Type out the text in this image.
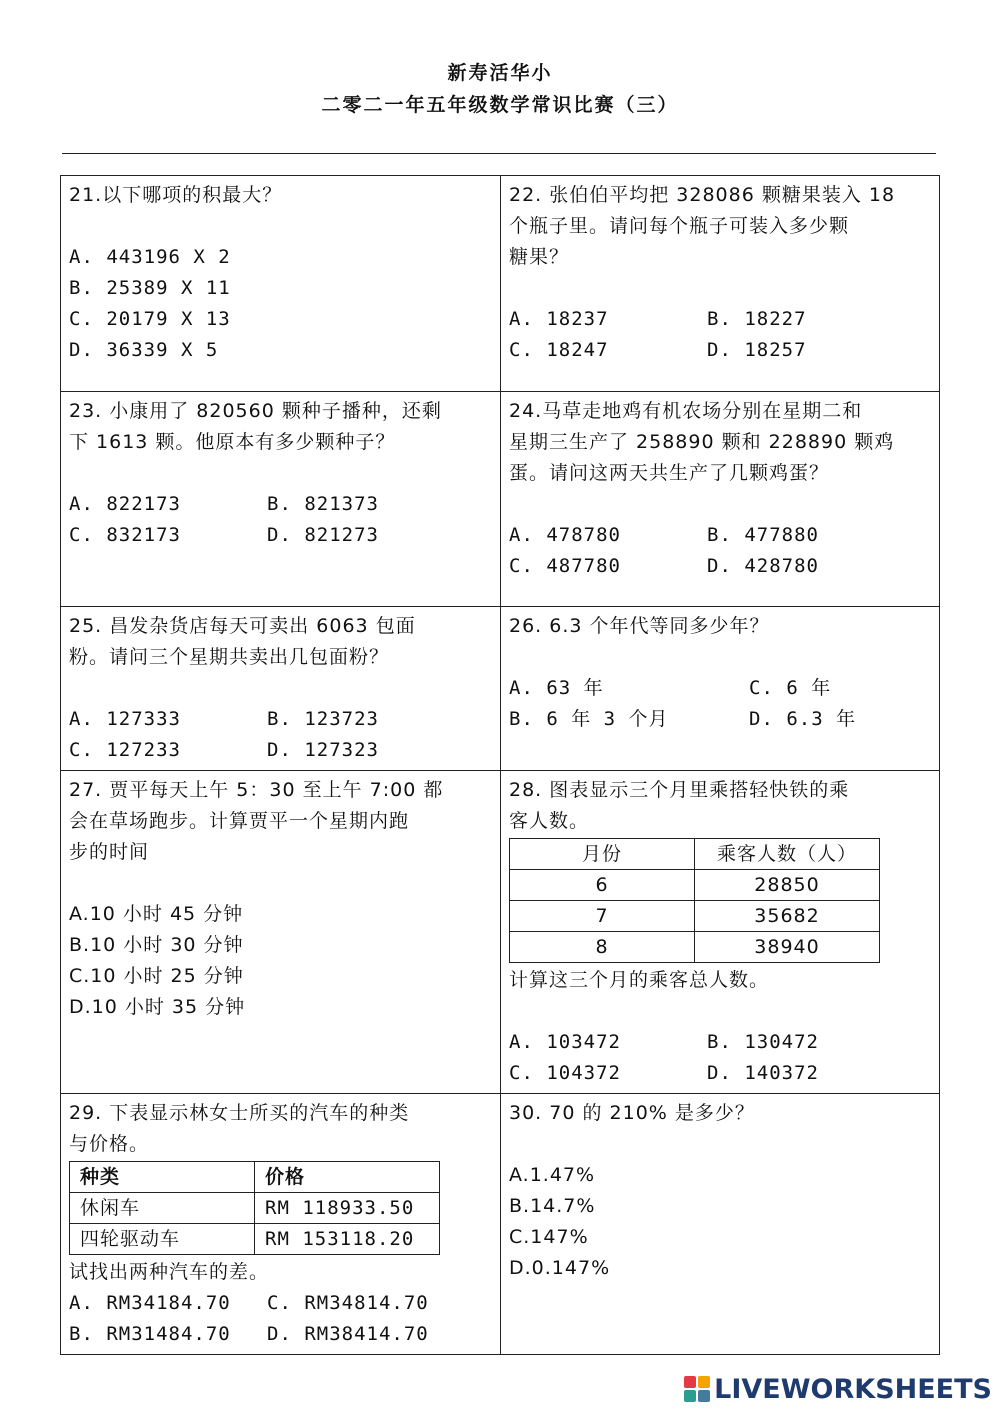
新寿活华小
二零二一年五年级数学常识比赛（三）
21.以下哪项的积最大？
A. 443196 X 2
B. 25389 X 11
C. 20179 X 13
D. 36339 X 5

22. 张伯伯平均把 328086 颗糖果装入 18
个瓶子里。请问每个瓶子可装入多少颗
糖果？
A. 18237	B. 18227
C. 18247	D. 18257

23. 小康用了 820560 颗种子播种，还剩
下 1613 颗。他原本有多少颗种子？
A. 822173	B. 821373
C. 832173	D. 821273

24.马草走地鸡有机农场分别在星期二和
星期三生产了 258890 颗和 228890 颗鸡
蛋。请问这两天共生产了几颗鸡蛋？
A. 478780	B. 477880
C. 487780	D. 428780

25. 昌发杂货店每天可卖出 6063 包面
粉。请问三个星期共卖出几包面粉？
A. 127333	B. 123723
C. 127233	D. 127323

26. 6.3 个年代等同多少年？
A. 63 年	C. 6 年
B. 6 年 3 个月	D. 6.3 年

27. 贾平每天上午 5：30 至上午 7:00 都
会在草场跑步。计算贾平一个星期内跑
步的时间
A.10 小时 45 分钟
B.10 小时 30 分钟
C.10 小时 25 分钟
D.10 小时 35 分钟

28. 图表显示三个月里乘搭轻快铁的乘
客人数。
月份	乘客人数（人）
6	28850
7	35682
8	38940
计算这三个月的乘客总人数。
A. 103472	B. 130472
C. 104372	D. 140372

29. 下表显示林女士所买的汽车的种类
与价格。
种类	价格
休闲车	RM 118933.50
四轮驱动车	RM 153118.20
试找出两种汽车的差。
A. RM34184.70	C. RM34814.70
B. RM31484.70	D. RM38414.70

30. 70 的 210% 是多少？
A.1.47%
B.14.7%
C.147%
D.0.147%
LIVEWORKSHEETS
